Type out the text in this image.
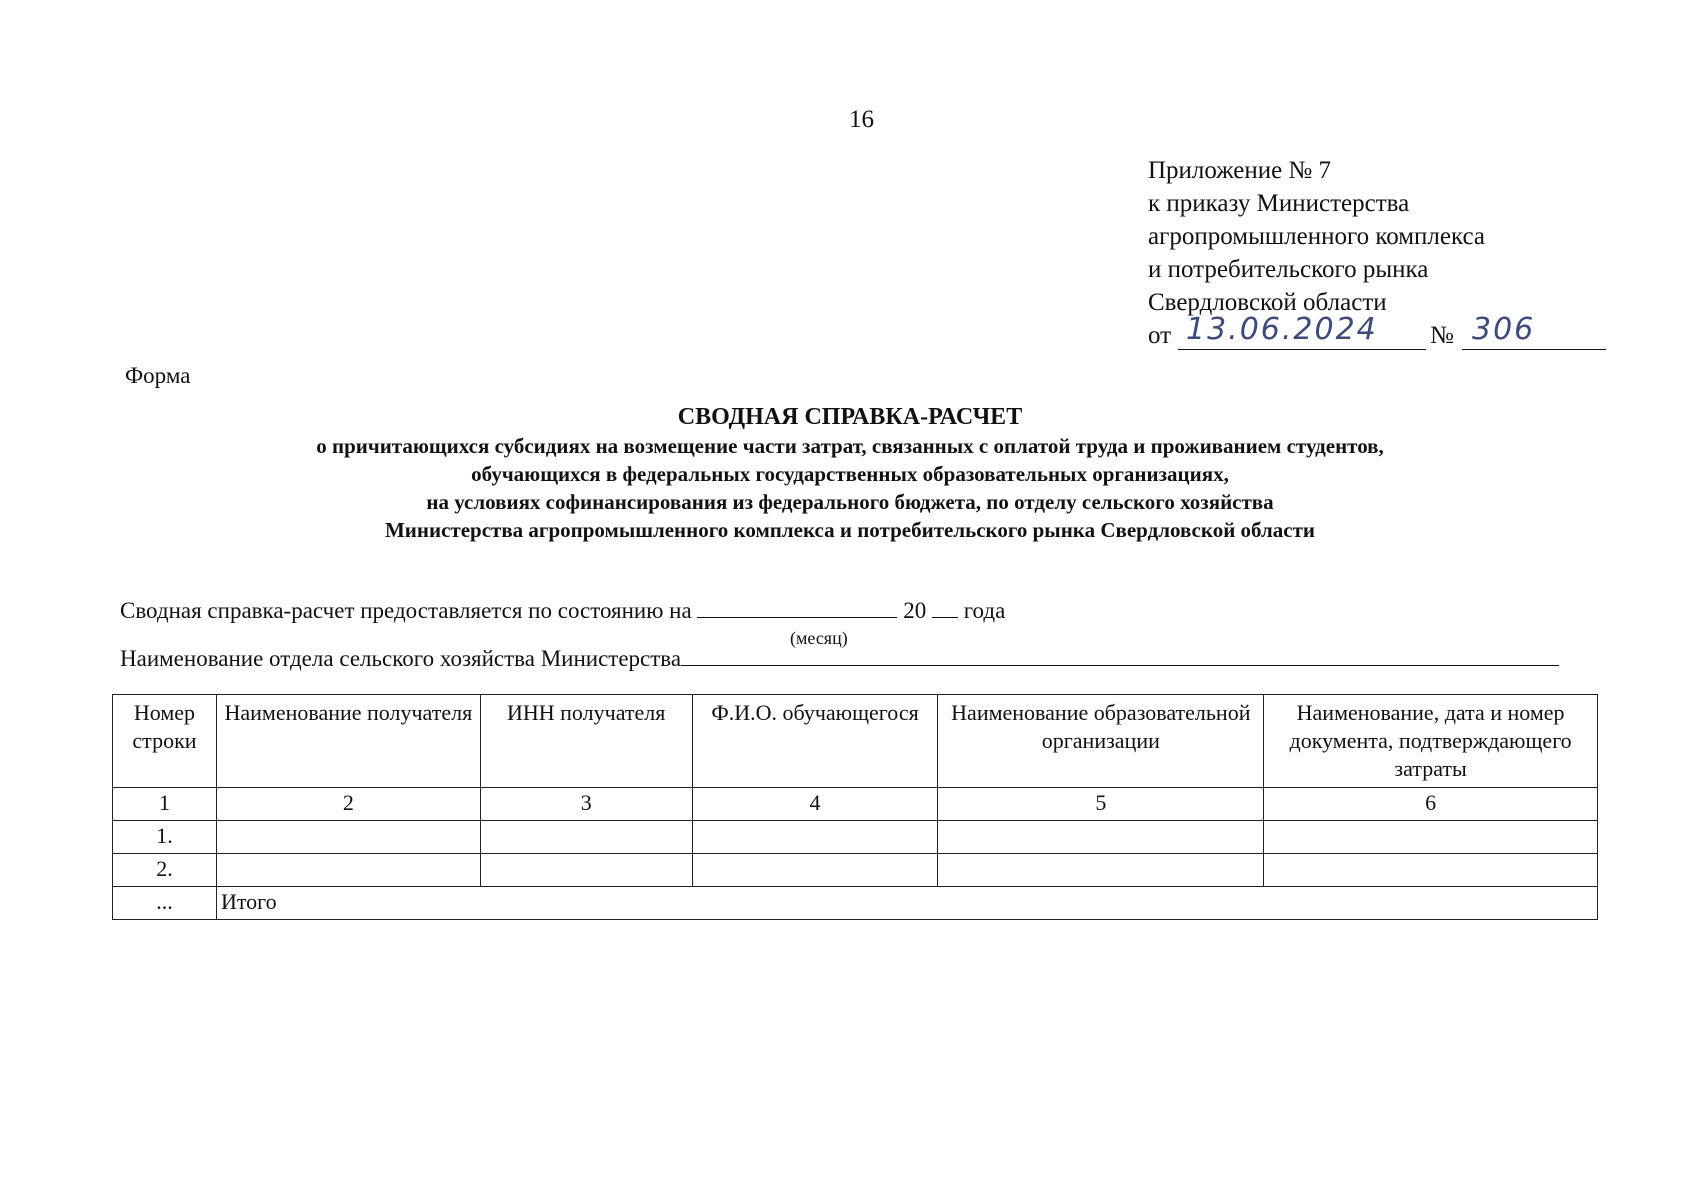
16
Приложение № 7
к приказу Министерства
агропромышленного комплекса
и потребительского рынка
Свердловской области
от 13.06.2024 № 306
Форма
СВОДНАЯ СПРАВКА-РАСЧЕТ
о причитающихся субсидиях на возмещение части затрат, связанных с оплатой труда и проживанием студентов,
обучающихся в федеральных государственных образовательных организациях,
на условиях софинансирования из федерального бюджета, по отделу сельского хозяйства
Министерства агропромышленного комплекса и потребительского рынка Свердловской области
Сводная справка-расчет предоставляется по состоянию на	20 года
(месяц)
Наименование отдела сельского хозяйства Министерства
Номер строки	Наименование получателя	ИНН получателя	Ф.И.О. обучающегося	Наименование образовательной организации	Наименование, дата и номер документа, подтверждающего затраты
1	2	3	4	5	6
1.					
2.					
...	Итого				
